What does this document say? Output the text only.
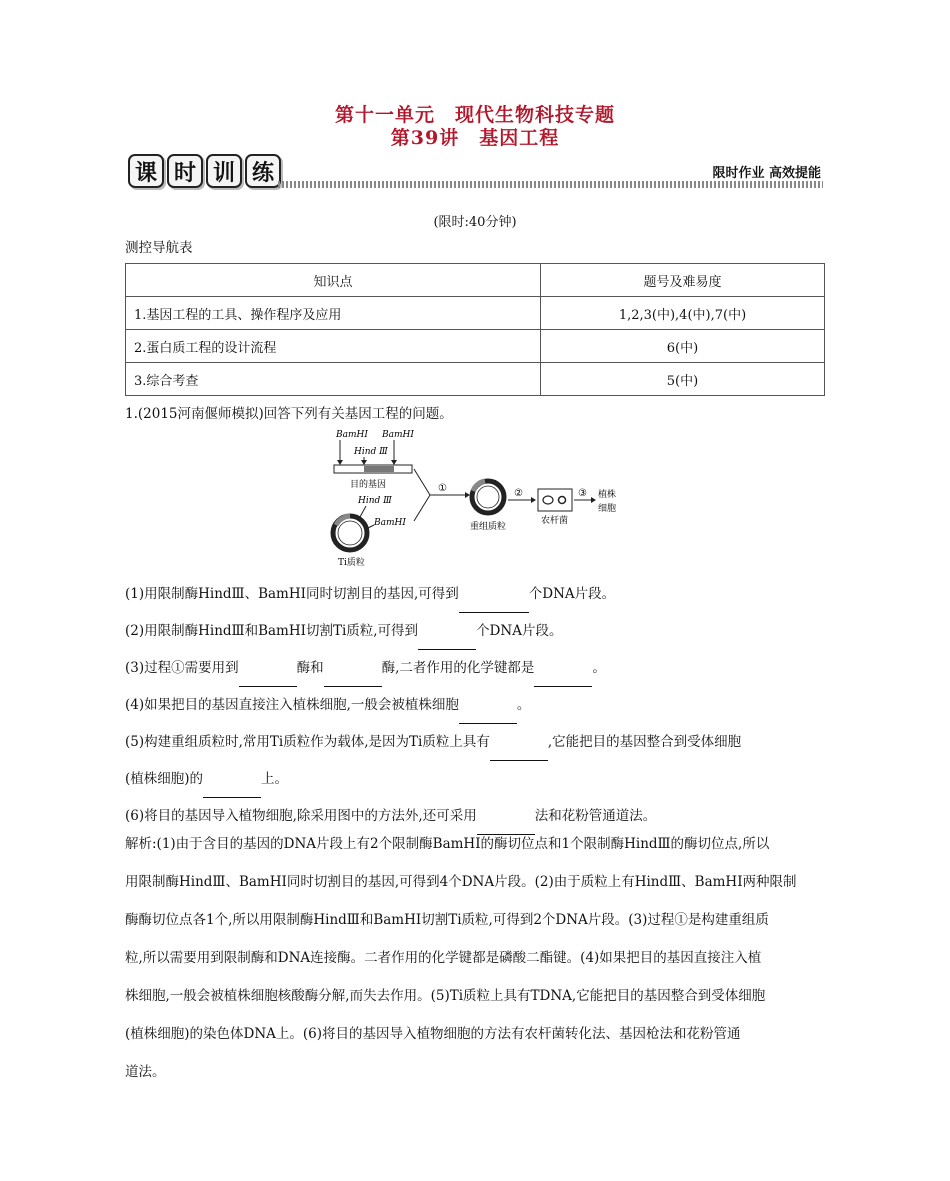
第十一单元　现代生物科技专题
第39讲　基因工程
课 时 训 练	限时作业 高效提能
(限时:40分钟)
测控导航表
知识点	题号及难易度
1.基因工程的工具、操作程序及应用	1,2,3(中),4(中),7(中)
2.蛋白质工程的设计流程	6(中)
3.综合考查	5(中)
1.(2015河南偃师模拟)回答下列有关基因工程的问题。
BamHⅠ BamHⅠ
Hind Ⅲ
目的基因
Hind Ⅲ
BamHⅠ
Ti质粒
①
重组质粒
②
农杆菌
③ 植株
细胞

(1)用限制酶HindⅢ、BamHⅠ同时切割目的基因,可得到	个DNA片段。

(2)用限制酶HindⅢ和BamHⅠ切割Ti质粒,可得到	个DNA片段。

(3)过程①需要用到	酶和	酶,二者作用的化学键都是	。

(4)如果把目的基因直接注入植株细胞,一般会被植株细胞	。

(5)构建重组质粒时,常用Ti质粒作为载体,是因为Ti质粒上具有	,它能把目的基因整合到受体细胞

(植株细胞)的	上。

(6)将目的基因导入植物细胞,除采用图中的方法外,还可采用	法和花粉管通道法。

解析:(1)由于含目的基因的DNA片段上有2个限制酶BamHⅠ的酶切位点和1个限制酶HindⅢ的酶切位点,所以

用限制酶HindⅢ、BamHⅠ同时切割目的基因,可得到4个DNA片段。(2)由于质粒上有HindⅢ、BamHⅠ两种限制

酶酶切位点各1个,所以用限制酶HindⅢ和BamHⅠ切割Ti质粒,可得到2个DNA片段。(3)过程①是构建重组质

粒,所以需要用到限制酶和DNA连接酶。二者作用的化学键都是磷酸二酯键。(4)如果把目的基因直接注入植

株细胞,一般会被植株细胞核酸酶分解,而失去作用。(5)Ti质粒上具有TDNA,它能把目的基因整合到受体细胞

(植株细胞)的染色体DNA上。(6)将目的基因导入植物细胞的方法有农杆菌转化法、基因枪法和花粉管通

道法。
